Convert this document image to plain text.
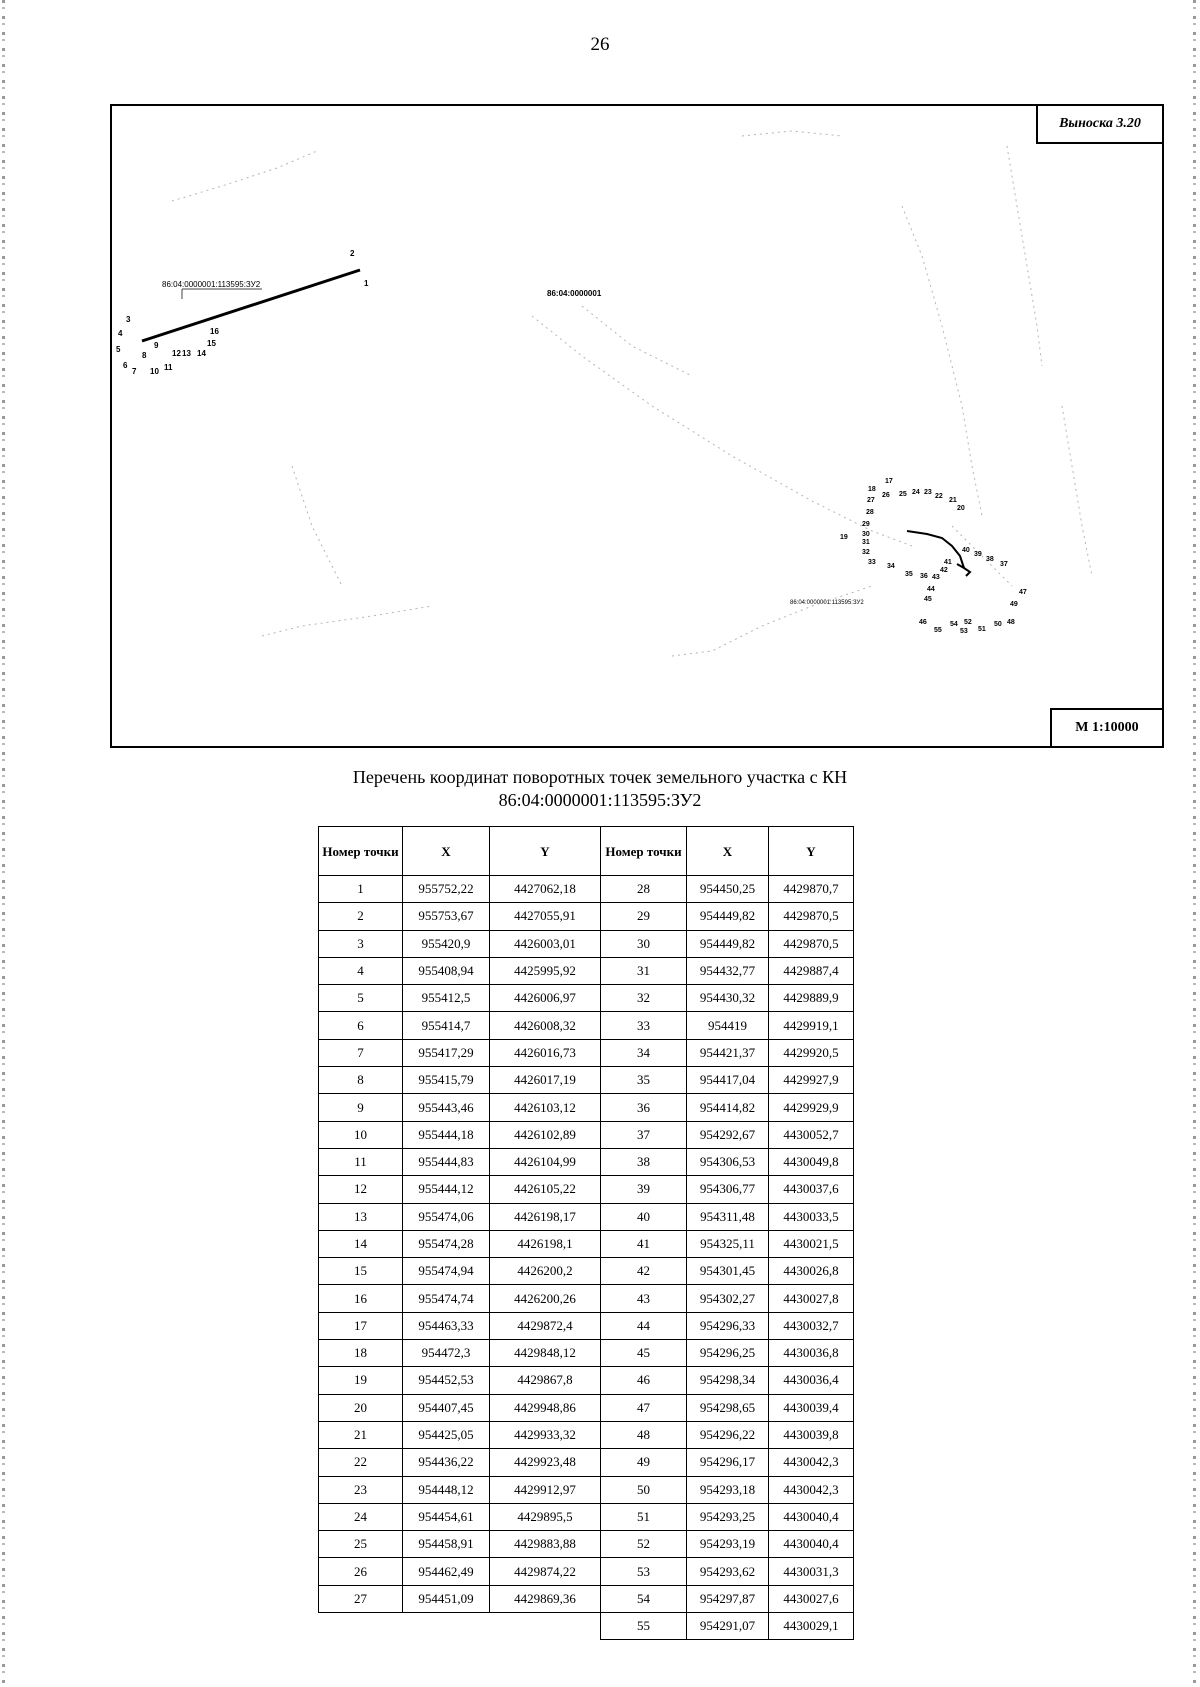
26
86:04:0000001:113595:ЗУ2
2
1
3
4
5
6
7
8
9
10 11
12 13 14
15
16
86:04:0000001
86:04:0000001:113595:ЗУ2
17
18
19
20
21
22
23
24
25
26
27
28
29
30
31
32
33
34
35 36
37
38
39
40
41
42
43
44
45
46
47
48
49
50
51
52
53
54
55
Выноска 3.20
М 1:10000
Перечень координат поворотных точек земельного участка с КН
86:04:0000001:113595:ЗУ2
Номер точки	X	Y	Номер точки	X	Y
1	955752,22	4427062,18	28	954450,25	4429870,7
2	955753,67	4427055,91	29	954449,82	4429870,5
3	955420,9	4426003,01	30	954449,82	4429870,5
4	955408,94	4425995,92	31	954432,77	4429887,4
5	955412,5	4426006,97	32	954430,32	4429889,9
6	955414,7	4426008,32	33	954419	4429919,1
7	955417,29	4426016,73	34	954421,37	4429920,5
8	955415,79	4426017,19	35	954417,04	4429927,9
9	955443,46	4426103,12	36	954414,82	4429929,9
10	955444,18	4426102,89	37	954292,67	4430052,7
11	955444,83	4426104,99	38	954306,53	4430049,8
12	955444,12	4426105,22	39	954306,77	4430037,6
13	955474,06	4426198,17	40	954311,48	4430033,5
14	955474,28	4426198,1	41	954325,11	4430021,5
15	955474,94	4426200,2	42	954301,45	4430026,8
16	955474,74	4426200,26	43	954302,27	4430027,8
17	954463,33	4429872,4	44	954296,33	4430032,7
18	954472,3	4429848,12	45	954296,25	4430036,8
19	954452,53	4429867,8	46	954298,34	4430036,4
20	954407,45	4429948,86	47	954298,65	4430039,4
21	954425,05	4429933,32	48	954296,22	4430039,8
22	954436,22	4429923,48	49	954296,17	4430042,3
23	954448,12	4429912,97	50	954293,18	4430042,3
24	954454,61	4429895,5	51	954293,25	4430040,4
25	954458,91	4429883,88	52	954293,19	4430040,4
26	954462,49	4429874,22	53	954293,62	4430031,3
27	954451,09	4429869,36	54	954297,87	4430027,6
			55	954291,07	4430029,1
